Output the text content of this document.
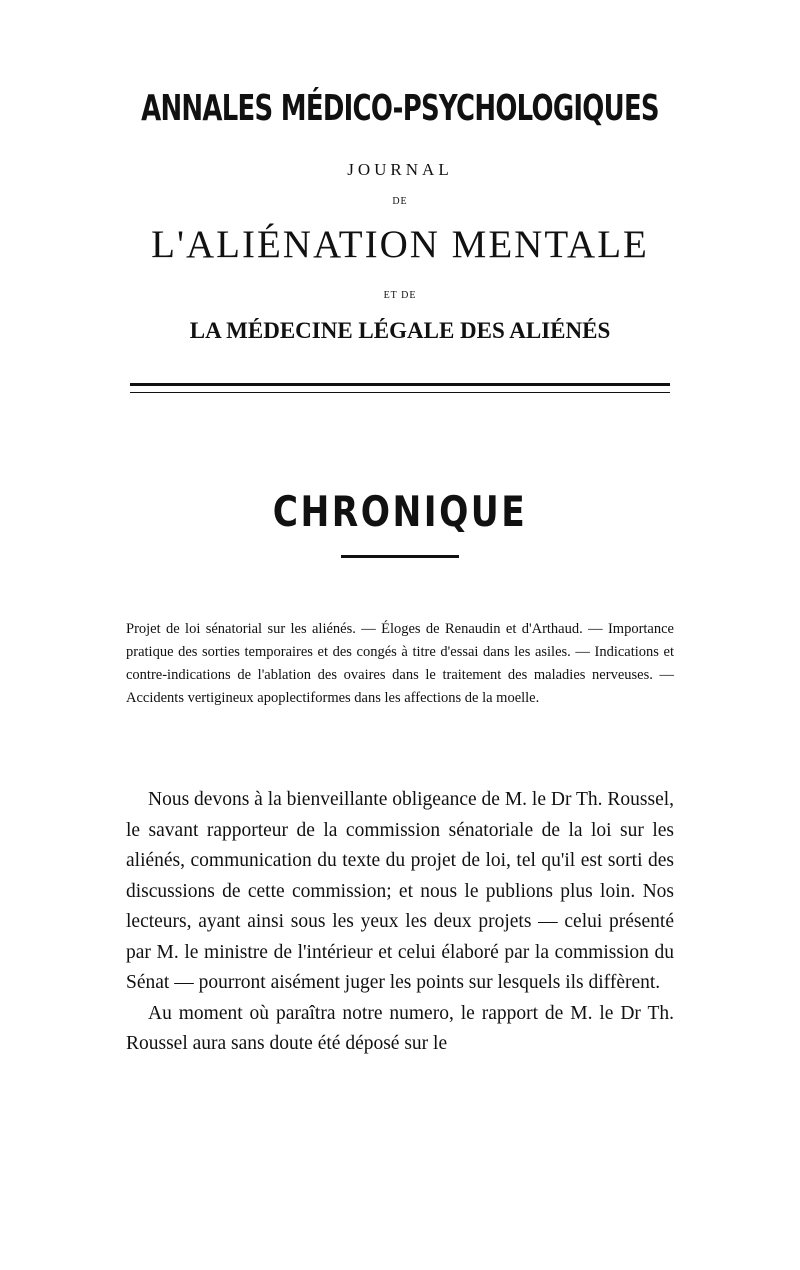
ANNALES MÉDICO-PSYCHOLOGIQUES
JOURNAL
DE
L'ALIÉNATION MENTALE
ET DE
LA MÉDECINE LÉGALE DES ALIÉNÉS
CHRONIQUE

Projet de loi sénatorial sur les aliénés. — Éloges de Renaudin et d'Arthaud. — Importance pratique des sorties temporaires et des congés à titre d'essai dans les asiles. — Indications et contre-indications de l'ablation des ovaires dans le traitement des maladies nerveuses. — Accidents vertigineux apoplectiformes dans les affections de la moelle.

Nous devons à la bienveillante obligeance de M. le Dr Th. Roussel, le savant rapporteur de la commission sénatoriale de la loi sur les aliénés, communication du texte du projet de loi, tel qu'il est sorti des discussions de cette commission; et nous le publions plus loin. Nos lecteurs, ayant ainsi sous les yeux les deux projets — celui présenté par M. le ministre de l'intérieur et celui élaboré par la commission du Sénat — pourront aisément juger les points sur lesquels ils diffèrent.

Au moment où paraîtra notre numero, le rapport de M. le Dr Th. Roussel aura sans doute été déposé sur le
